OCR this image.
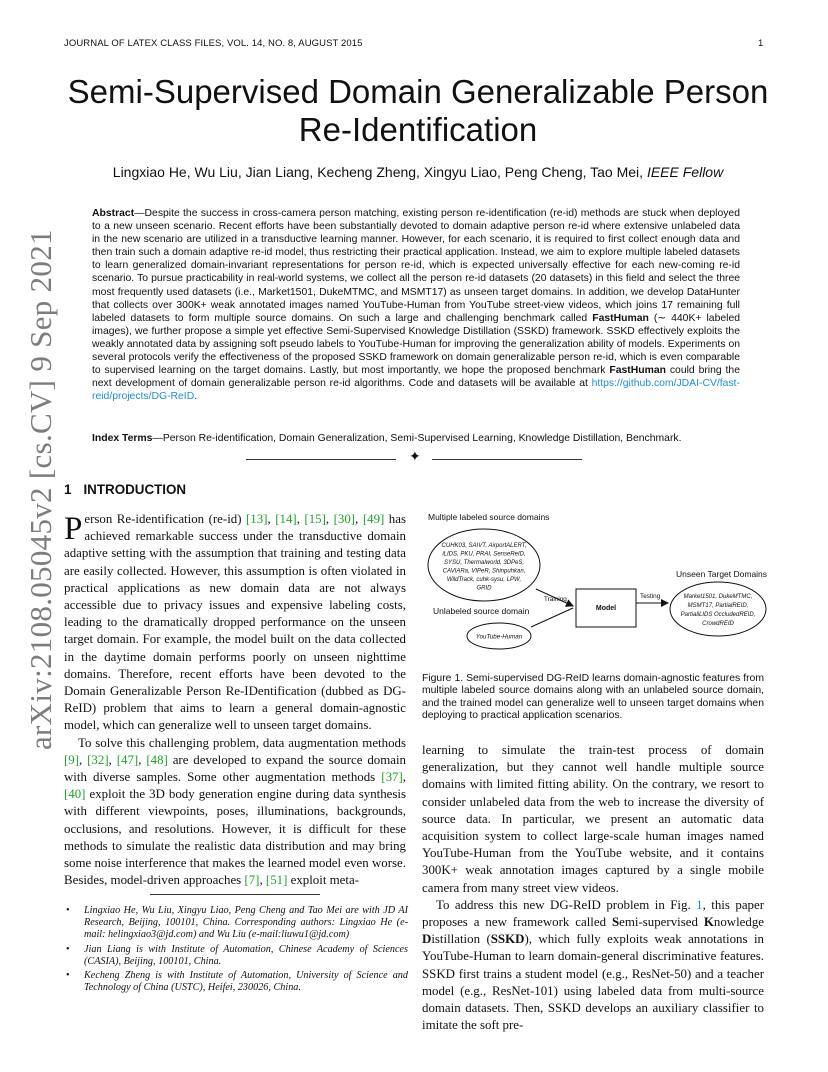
JOURNAL OF LATEX CLASS FILES, VOL. 14, NO. 8, AUGUST 2015	1
arXiv:2108.05045v2 [cs.CV] 9 Sep 2021
Semi-Supervised Domain Generalizable Person Re-Identification
Lingxiao He, Wu Liu, Jian Liang, Kecheng Zheng, Xingyu Liao, Peng Cheng, Tao Mei, IEEE Fellow

Abstract—Despite the success in cross-camera person matching, existing person re-identification (re-id) methods are stuck when deployed to a new unseen scenario. Recent efforts have been substantially devoted to domain adaptive person re-id where extensive unlabeled data in the new scenario are utilized in a transductive learning manner. However, for each scenario, it is required to first collect enough data and then train such a domain adaptive re-id model, thus restricting their practical application. Instead, we aim to explore multiple labeled datasets to learn generalized domain-invariant representations for person re-id, which is expected universally effective for each new-coming re-id scenario. To pursue practicability in real-world systems, we collect all the person re-id datasets (20 datasets) in this field and select the three most frequently used datasets (i.e., Market1501, DukeMTMC, and MSMT17) as unseen target domains. In addition, we develop DataHunter that collects over 300K+ weak annotated images named YouTube-Human from YouTube street-view videos, which joins 17 remaining full labeled datasets to form multiple source domains. On such a large and challenging benchmark called FastHuman (∼ 440K+ labeled images), we further propose a simple yet effective Semi-Supervised Knowledge Distillation (SSKD) framework. SSKD effectively exploits the weakly annotated data by assigning soft pseudo labels to YouTube-Human for improving the generalization ability of models. Experiments on several protocols verify the effectiveness of the proposed SSKD framework on domain generalizable person re-id, which is even comparable to supervised learning on the target domains. Lastly, but most importantly, we hope the proposed benchmark FastHuman could bring the next development of domain generalizable person re-id algorithms. Code and datasets will be available at https://github.com/JDAI-CV/fast-reid/projects/DG-ReID.

Index Terms—Person Re-identification, Domain Generalization, Semi-Supervised Learning, Knowledge Distillation, Benchmark.
✦
1 INTRODUCTION

Person Re-identification (re-id) [13], [14], [15], [30], [49] has achieved remarkable success under the transductive domain adaptive setting with the assumption that training and testing data are easily collected. However, this assumption is often violated in practical applications as new domain data are not always accessible due to privacy issues and expensive labeling costs, leading to the dramatically dropped performance on the unseen target domain. For example, the model built on the data collected in the daytime domain performs poorly on unseen nighttime domains. Therefore, recent efforts have been devoted to the Domain Generalizable Person Re-IDentification (dubbed as DG-ReID) problem that aims to learn a general domain-agnostic model, which can generalize well to unseen target domains.

To solve this challenging problem, data augmentation methods [9], [32], [47], [48] are developed to expand the source domain with diverse samples. Some other augmentation methods [37], [40] exploit the 3D body generation engine during data synthesis with different viewpoints, poses, illuminations, backgrounds, occlusions, and resolutions. However, it is difficult for these methods to simulate the realistic data distribution and may bring some noise interference that makes the learned model even worse. Besides, model-driven approaches [7], [51] exploit meta-

• Lingxiao He, Wu Liu, Xingyu Liao, Peng Cheng and Tao Mei are with JD AI Research, Beijing, 100101, China. Corresponding authors: Lingxiao He (e-mail: helingxiao3@jd.com) and Wu Liu (e-mail:liuwu1@jd.com)
• Jian Liang is with Institute of Automation, Chinese Academy of Sciences (CASIA), Beijing, 100101, China.
• Kecheng Zheng is with Institute of Automation, University of Science and Technology of China (USTC), Heifei, 230026, China.
Multiple labeled source domains
CUHK03, SAIVT, AirportALERT,
iLIDS, PKU, PRAI, SenseReID,
SYSU, Thermalworld, 3DPeS,
CAVIARa, VIPeR, Shinpuhkan,
WildTrack, cuhk-sysu, LPW,
GRID
Unlabeled source domain
YouTube-Human
Training
Model
Testing
Unseen Target Domains
Market1501, DukeMTMC,
MSMT17, PartialREID,
PartialiLIDS OccludedREID,
CrowdREID

Figure 1. Semi-supervised DG-ReID learns domain-agnostic features from multiple labeled source domains along with an unlabeled source domain, and the trained model can generalize well to unseen target domains when deploying to practical application scenarios.

learning to simulate the train-test process of domain generalization, but they cannot well handle multiple source domains with limited fitting ability. On the contrary, we resort to consider unlabeled data from the web to increase the diversity of source data. In particular, we present an automatic data acquisition system to collect large-scale human images named YouTube-Human from the YouTube website, and it contains 300K+ weak annotation images captured by a single mobile camera from many street view videos.

To address this new DG-ReID problem in Fig. 1, this paper proposes a new framework called Semi-supervised Knowledge Distillation (SSKD), which fully exploits weak annotations in YouTube-Human to learn domain-general discriminative features. SSKD first trains a student model (e.g., ResNet-50) and a teacher model (e.g., ResNet-101) using labeled data from multi-source domain datasets. Then, SSKD develops an auxiliary classifier to imitate the soft pre-
